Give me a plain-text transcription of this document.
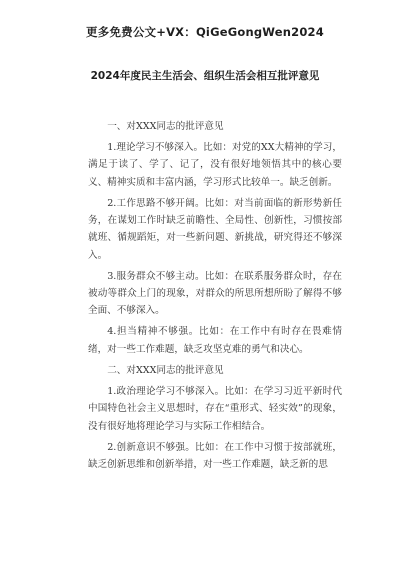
更多免费公文+VX：QiGeGongWen2024
2024年度民主生活会、组织生活会相互批评意见

一、对XXX同志的批评意见

1.理论学习不够深入。比如：对党的XX大精神的学习，满足于读了、学了、记了，没有很好地领悟其中的核心要义、精神实质和丰富内涵，学习形式比较单一。缺乏创新。

2.工作思路不够开阔。比如：对当前面临的新形势新任务，在谋划工作时缺乏前瞻性、全局性、创新性，习惯按部就班、循规蹈矩，对一些新问题、新挑战，研究得还不够深入。

3.服务群众不够主动。比如：在联系服务群众时，存在被动等群众上门的现象，对群众的所思所想所盼了解得不够全面、不够深入。

4.担当精神不够强。比如：在工作中有时存在畏难情绪，对一些工作难题，缺乏攻坚克难的勇气和决心。

二、对XXX同志的批评意见

1.政治理论学习不够深入。比如：在学习习近平新时代中国特色社会主义思想时，存在“重形式、轻实效”的现象，没有很好地将理论学习与实际工作相结合。

2.创新意识不够强。比如：在工作中习惯于按部就班，缺乏创新思维和创新举措，对一些工作难题，缺乏新的思
